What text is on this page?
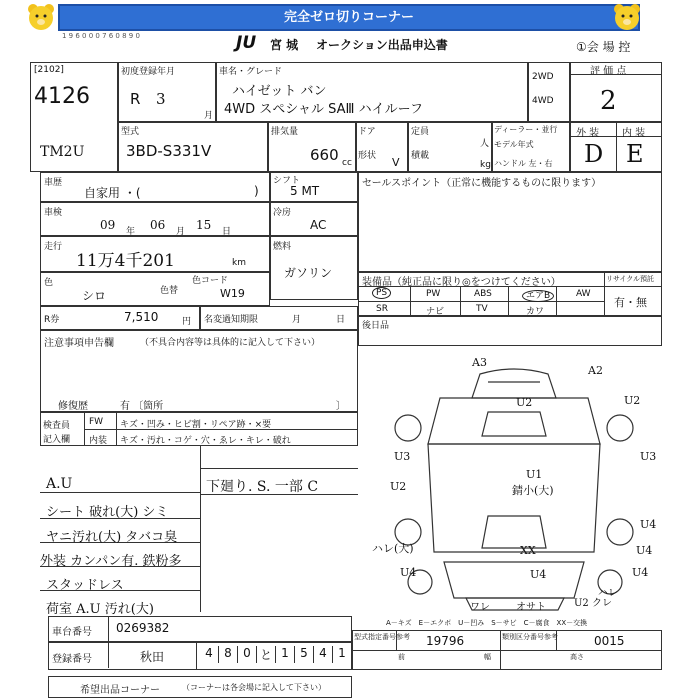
完全ゼロ切りコーナー
1 9 6 0 0 0 7 6 0 8 9 0	JU 宮 城 オークション出品申込書	①会 場 控
[2102]
4126
TM2U
初度登録年月
R 3
月
車名・グレード
ハイゼット バン
4WD スペシャル SAⅢ ハイルーフ
2WD
4WD
評 価 点
2
型式
3BD-S331V
排気量
660 cc
ドア
形状 V
定員
人
積載
kg
ディーラー・並行
モデル年式
ハンドル 左・右
外 装 内 装
D E
車歴
自家用 ・(	)
シフト
5 MT
セールスポイント（正常に機能するものに限ります）
車検
09 年 06 月 15 日
冷房
AC
走行
11万4千201	km
燃料
ガソリン
色
シロ	色替
色コード
W19
装備品（純正品に限り◎をつけてください）
PS	PW	ABS	エアB	AW
SR	ナビ	TV	カワ
リサイクル預託
有・無
R券	7,510	円 名変過知期限	月	日
後日品
注意事項申告欄	（不具合内容等は具体的に記入して下さい）
修復歴	有 〔箇所	〕
検査員
記入欄
FW
内装
キズ・凹み・ヒビ割・リペア跡・×要
キズ・汚れ・コゲ・穴・ゑレ・キレ・破れ
A.U
シート 破れ(大) シミ
ヤニ汚れ(大) タバコ臭
外装 カンパン有. 鉄粉多
スタッドレス
荷室 A.U 汚れ(大)
下廻り. S. 一部 C
A3
A2
U2	U2
U3	U3
U1
錆小(大)
U2
U4
XX	U4
U4
ハレ(大)
U4	U4
ワレ	オサト	U2 クレ
ハレ
A－キズ　E－エクボ　U－凹み　S－サビ　C－腐食　XX－交換
車台番号 0269382
登録番号	秋田	4 8 0 と 1 5 4 1
型式指定番号参考 19796	類別区分番号参考	0015
前	幅	高さ
希望出品コーナー	（コーナーは各会場に記入して下さい）
